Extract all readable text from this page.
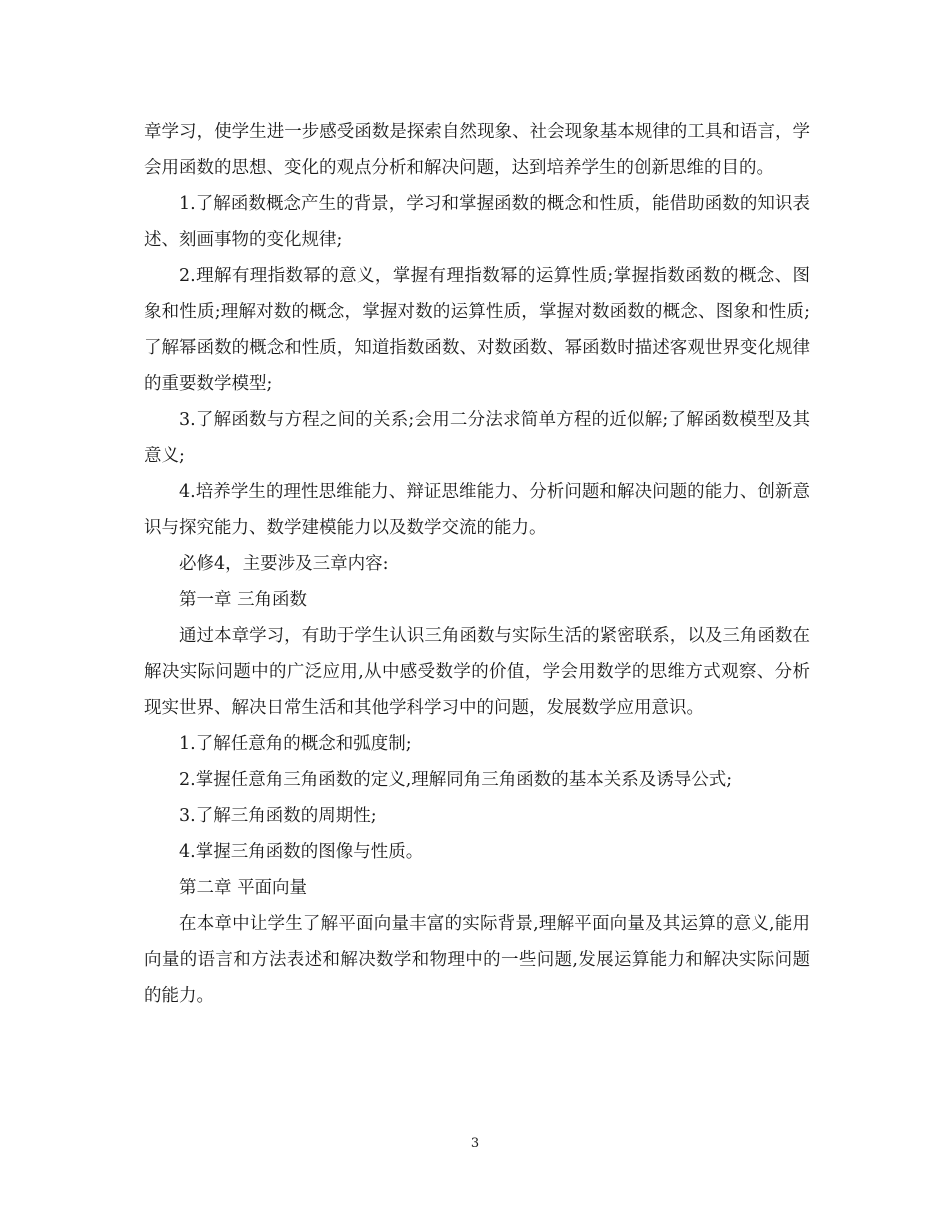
章学习，使学生进一步感受函数是探索自然现象、社会现象基本规律的工具和语言，学会用函数的思想、变化的观点分析和解决问题，达到培养学生的创新思维的目的。

1.了解函数概念产生的背景，学习和掌握函数的概念和性质，能借助函数的知识表述、刻画事物的变化规律;

2.理解有理指数幂的意义，掌握有理指数幂的运算性质;掌握指数函数的概念、图象和性质;理解对数的概念，掌握对数的运算性质，掌握对数函数的概念、图象和性质;了解幂函数的概念和性质，知道指数函数、对数函数、幂函数时描述客观世界变化规律的重要数学模型;

3.了解函数与方程之间的关系;会用二分法求简单方程的近似解;了解函数模型及其意义;

4.培养学生的理性思维能力、辩证思维能力、分析问题和解决问题的能力、创新意识与探究能力、数学建模能力以及数学交流的能力。

必修4，主要涉及三章内容:

第一章 三角函数

通过本章学习，有助于学生认识三角函数与实际生活的紧密联系，以及三角函数在解决实际问题中的广泛应用,从中感受数学的价值，学会用数学的思维方式观察、分析现实世界、解决日常生活和其他学科学习中的问题，发展数学应用意识。

1.了解任意角的概念和弧度制;

2.掌握任意角三角函数的定义,理解同角三角函数的基本关系及诱导公式;

3.了解三角函数的周期性;

4.掌握三角函数的图像与性质。

第二章 平面向量

在本章中让学生了解平面向量丰富的实际背景,理解平面向量及其运算的意义,能用向量的语言和方法表述和解决数学和物理中的一些问题,发展运算能力和解决实际问题的能力。

3
